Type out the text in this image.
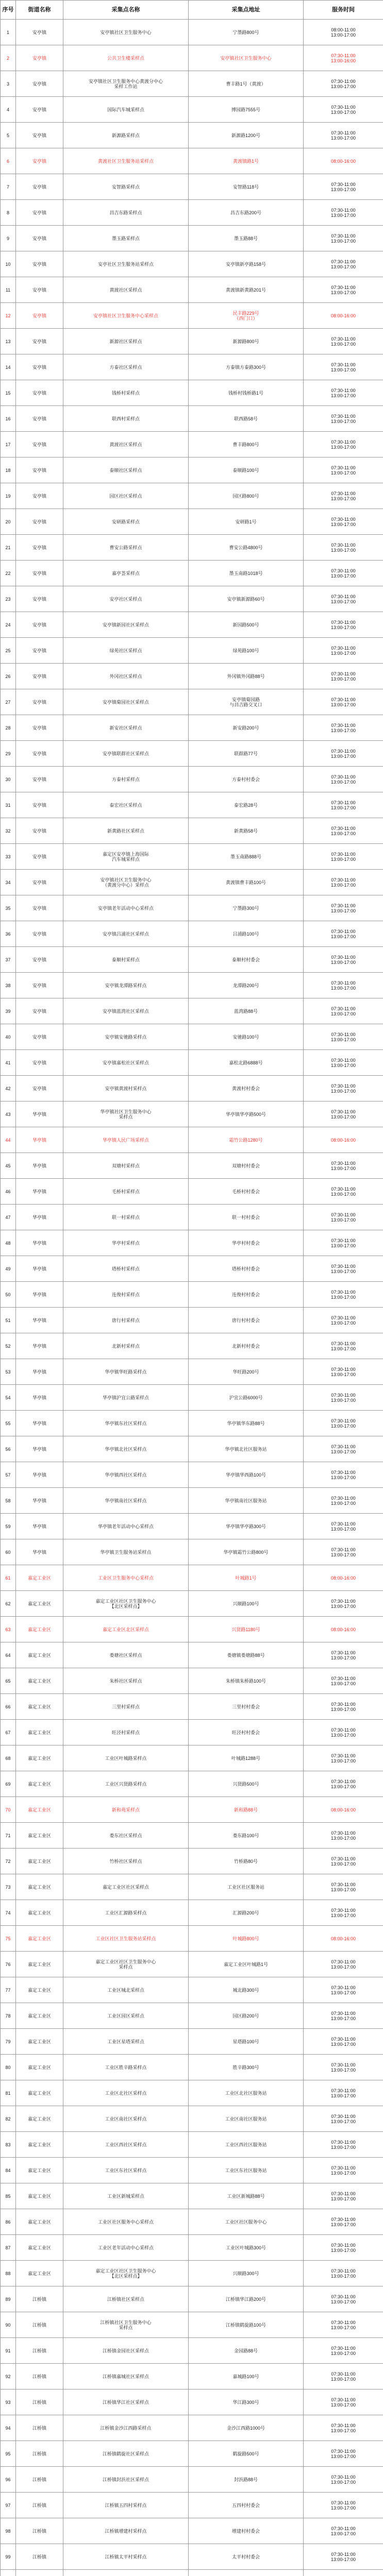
序号	街道名称	采集点名称	采集点地址	服务时间
1	安亭镇	安亭镇社区卫生服务中心	宁墨路800号	08:00-11:00
13:00-17:00

2	安亭镇	公共卫生楼采样点	安亭镇社区卫生服务中心	07:30-11:00
13:00-16:00

3	安亭镇	安亭镇社区卫生服务中心黄渡分中心
采样工作站	曹丰路1号（黄渡）	07:30-11:00
13:00-17:00

4	安亭镇	国际汽车城采样点	博园路7555号	07:30-11:00
13:00-17:00

5	安亭镇	新源路采样点	新源路1200号	07:30-11:00
13:00-17:00

6	安亭镇	黄渡社区卫生服务站采样点	黄渡镇路1号	08:00-16:00

7	安亭镇	安智路采样点	安智路118号	07:30-11:00
13:00-17:00

8	安亭镇	昌吉东路采样点	昌吉东路200号	07:30-11:00
13:00-17:00

9	安亭镇	墨玉路采样点	墨玉路88号	07:30-11:00
13:00-17:00

10	安亭镇	安亭社区卫生服务站采样点	安亭镇新亭路158号	07:30-11:00
13:00-17:00

11	安亭镇	黄渡社区采样点	黄渡镇新黄路201号	07:30-11:00
13:00-17:00

12	安亭镇	安亭镇社区卫生服务中心采样点	民丰路229号
（西门口）	08:00-16:00

13	安亭镇	新源社区采样点	新源路800号	07:30-11:00
13:00-17:00

14	安亭镇	方泰社区采样点	方泰镇方泰路300号	07:30-11:00
13:00-17:00

15	安亭镇	钱桥村采样点	钱桥村钱桥路1号	07:30-11:00
13:00-17:00

16	安亭镇	联西村采样点	联西路58号	07:30-11:00
13:00-17:00

17	安亭镇	黄渡社区采样点	曹丰路800号	07:30-11:00
13:00-17:00

18	安亭镇	泰顺社区采样点	泰顺路100号	07:30-11:00
13:00-17:00

19	安亭镇	园区社区采样点	园区路800号	07:30-11:00
13:00-17:00

20	安亭镇	安研路采样点	安研路1号	07:30-11:00
13:00-17:00

21	安亭镇	曹安公路采样点	曹安公路4800号	07:30-11:00
13:00-17:00

22	安亭镇	嘉亭荟采样点	墨玉南路1018号	07:30-11:00
13:00-17:00

23	安亭镇	安亭社区采样点	安亭镇新源路60号	07:30-11:00
13:00-17:00

24	安亭镇	安亭镇新园社区采样点	新园路500号	07:30-11:00
13:00-17:00

25	安亭镇	绿苑社区采样点	绿苑路100号	07:30-11:00
13:00-17:00

26	安亭镇	外冈社区采样点	外冈镇外冈路88号	07:30-11:00
13:00-17:00

27	安亭镇	安亭镇菊园社区采样点	安亭镇菊园路
与昌吉路交叉口	07:30-11:00
13:00-17:00

28	安亭镇	新安社区采样点	新安路200号	07:30-11:00
13:00-17:00

29	安亭镇	安亭镇联群社区采样点	联群路77号	07:30-11:00
13:00-17:00

30	安亭镇	方泰村采样点	方泰村村委会	07:30-11:00
13:00-17:00

31	安亭镇	泰宏社区采样点	泰宏路28号	07:30-11:00
13:00-17:00

32	安亭镇	新黄路社区采样点	新黄路58号	07:30-11:00
13:00-17:00

33	安亭镇	嘉定区安亭镇上海国际
汽车城采样点	墨玉南路888号	07:30-11:00
13:00-17:00

34	安亭镇	安亭镇社区卫生服务中心
（黄渡分中心）采样点	黄渡镇曹丰路100号	07:30-11:00
13:00-17:00

35	安亭镇	安亭镇老年活动中心采样点	宁墨路300号	07:30-11:00
13:00-17:00

36	安亭镇	安亭镇吕浦社区采样点	吕浦路100号	07:30-11:00
13:00-17:00

37	安亭镇	泰顺村采样点	泰顺村村委会	07:30-11:00
13:00-17:00

38	安亭镇	安亭镇龙潭路采样点	龙潭路200号	07:30-11:00
13:00-17:00

39	安亭镇	安亭镇蓝湾社区采样点	蓝湾路88号	07:30-11:00
13:00-17:00

40	安亭镇	安亭镇安驰路采样点	安驰路100号	07:30-11:00
13:00-17:00

41	安亭镇	安亭镇嘉松社区采样点	嘉松北路6888号	07:30-11:00
13:00-17:00

42	安亭镇	安亭镇黄渡村采样点	黄渡村村委会	07:30-11:00
13:00-17:00

43	华亭镇	华亭镇社区卫生服务中心
采样点	华亭镇华亭路500号	07:30-11:00
13:00-17:00

44	华亭镇	华亭镇人民广场采样点	霜竹公路1280号	08:00-16:00

45	华亭镇	双塘村采样点	双塘村村委会	07:30-11:00
13:00-17:00

46	华亭镇	毛桥村采样点	毛桥村村委会	07:30-11:00
13:00-17:00

47	华亭镇	联一村采样点	联一村村委会	07:30-11:00
13:00-17:00

48	华亭镇	华亭村采样点	华亭村村委会	07:30-11:00
13:00-17:00

49	华亭镇	塔桥村采样点	塔桥村村委会	07:30-11:00
13:00-17:00

50	华亭镇	连俊村采样点	连俊村村委会	07:30-11:00
13:00-17:00

51	华亭镇	唐行村采样点	唐行村村委会	07:30-11:00
13:00-17:00

52	华亭镇	北新村采样点	北新村村委会	07:30-11:00
13:00-17:00

53	华亭镇	华亭镇华旺路采样点	华旺路200号	07:30-11:00
13:00-17:00

54	华亭镇	华亭镇沪宜公路采样点	沪宜公路6000号	07:30-11:00
13:00-17:00

55	华亭镇	华亭镇东社区采样点	华亭镇华东路88号	07:30-11:00
13:00-17:00

56	华亭镇	华亭镇北社区采样点	华亭镇北社区服务站	07:30-11:00
13:00-17:00

57	华亭镇	华亭镇西社区采样点	华亭镇华西路100号	07:30-11:00
13:00-17:00

58	华亭镇	华亭镇南社区采样点	华亭镇南社区服务站	07:30-11:00
13:00-17:00

59	华亭镇	华亭镇老年活动中心采样点	华亭镇华亭路300号	07:30-11:00
13:00-17:00

60	华亭镇	华亭镇卫生服务站采样点	华亭镇霜竹公路800号	07:30-11:00
13:00-17:00

61	嘉定工业区	工业区卫生服务中心采样点	叶城路1号	08:00-16:00

62	嘉定工业区	嘉定工业区社区卫生服务中心
【北区采样点】	兴顺路100号	07:30-11:00
13:00-17:00

63	嘉定工业区	嘉定工业区北区采样点	兴贤路1180号	08:00-16:00

64	嘉定工业区	娄塘社区采样点	娄塘镇娄塘路88号	07:30-11:00
13:00-17:00

65	嘉定工业区	朱桥社区采样点	朱桥镇朱桥路100号	07:30-11:00
13:00-17:00

66	嘉定工业区	三里村采样点	三里村村委会	07:30-11:00
13:00-17:00

67	嘉定工业区	旺泾村采样点	旺泾村村委会	07:30-11:00
13:00-17:00

68	嘉定工业区	工业区叶城路采样点	叶城路1288号	07:30-11:00
13:00-17:00

69	嘉定工业区	工业区兴贤路采样点	兴贤路500号	07:30-11:00
13:00-17:00

70	嘉定工业区	新和苑采样点	新和路88号	08:00-16:00

71	嘉定工业区	娄东社区采样点	娄东路100号	07:30-11:00
13:00-17:00

72	嘉定工业区	竹桥社区采样点	竹桥路80号	07:30-11:00
13:00-17:00

73	嘉定工业区	嘉定工业区社区采样点	工业区社区服务站	07:30-11:00
13:00-17:00

74	嘉定工业区	工业区汇源路采样点	汇源路200号	07:30-11:00
13:00-17:00

75	嘉定工业区	工业区社区卫生服务站采样点	叶城路800号	08:00-16:00

76	嘉定工业区	嘉定工业区社区卫生服务中心
采样点	嘉定工业区叶城路1号	07:30-11:00
13:00-17:00

77	嘉定工业区	工业区城北采样点	城北路300号	07:30-11:00
13:00-17:00

78	嘉定工业区	工业区园区采样点	园区路200号	07:30-11:00
13:00-17:00

79	嘉定工业区	工业区星塔采样点	星塔路100号	07:30-11:00
13:00-17:00

80	嘉定工业区	工业区胜辛路采样点	胜辛路300号	07:30-11:00
13:00-17:00

81	嘉定工业区	工业区北社区采样点	工业区北社区服务站	07:30-11:00
13:00-17:00

82	嘉定工业区	工业区南社区采样点	工业区南社区服务站	07:30-11:00
13:00-17:00

83	嘉定工业区	工业区西社区采样点	工业区西社区服务站	07:30-11:00
13:00-17:00

84	嘉定工业区	工业区东社区采样点	工业区东社区服务站	07:30-11:00
13:00-17:00

85	嘉定工业区	工业区新城采样点	工业区新城路88号	07:30-11:00
13:00-17:00

86	嘉定工业区	工业区社区服务中心采样点	工业区社区服务中心	07:30-11:00
13:00-17:00

87	嘉定工业区	工业区老年活动中心采样点	工业区叶城路300号	07:30-11:00
13:00-17:00

88	嘉定工业区	嘉定工业区社区卫生服务中心
【北区采样点】	兴顺路300号	07:30-11:00
13:00-17:00

89	江桥镇	江桥镇社区采样点	江桥镇华江路200号	07:30-11:00
13:00-17:00

90	江桥镇	江桥镇社区卫生服务中心
采样点	江桥镇鹤旋路100号	07:30-11:00
13:00-17:00

91	江桥镇	江桥镇金园社区采样点	金园路88号	07:30-11:00
13:00-17:00

92	江桥镇	江桥镇嘉城社区采样点	嘉城路100号	07:30-11:00
13:00-17:00

93	江桥镇	江桥镇华江社区采样点	华江路300号	07:30-11:00
13:00-17:00

94	江桥镇	江桥镇金沙江西路采样点	金沙江西路1000号	07:30-11:00
13:00-17:00

95	江桥镇	江桥镇鹤旋社区采样点	鹤旋路500号	07:30-11:00
13:00-17:00

96	江桥镇	江桥镇封浜社区采样点	封浜路88号	07:30-11:00
13:00-17:00

97	江桥镇	江桥镇五四村采样点	五四村村委会	07:30-11:00
13:00-17:00

98	江桥镇	江桥镇增建村采样点	增建村村委会	07:30-11:00
13:00-17:00

99	江桥镇	江桥镇太平村采样点	太平村村委会	07:30-11:00
13:00-17:00
